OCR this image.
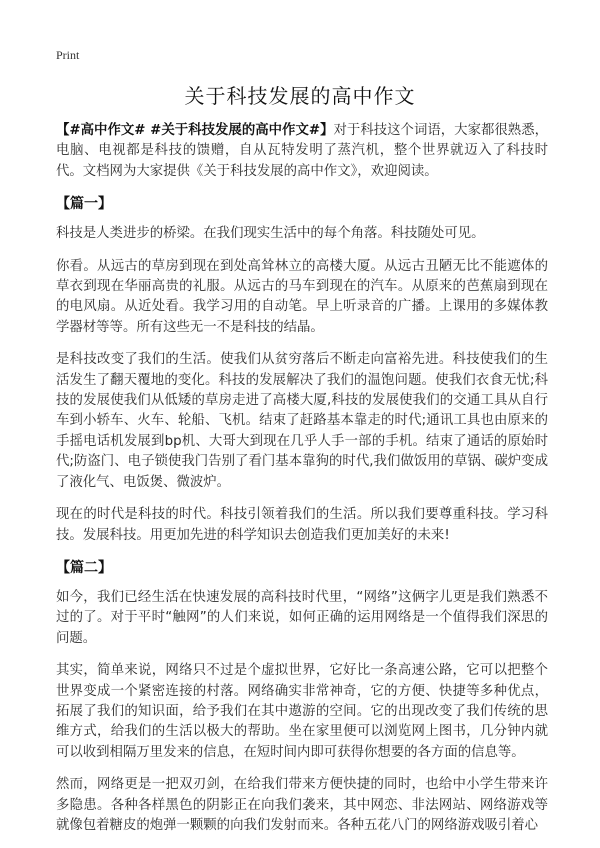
Print
关于科技发展的高中作文

【#高中作文# #关于科技发展的高中作文#】对于科技这个词语，大家都很熟悉，电脑、电视都是科技的馈赠，自从瓦特发明了蒸汽机，整个世界就迈入了科技时代。文档网为大家提供《关于科技发展的高中作文》，欢迎阅读。

【篇一】

科技是人类进步的桥梁。在我们现实生活中的每个角落。科技随处可见。

你看。从远古的草房到现在到处高耸林立的高楼大厦。从远古丑陋无比不能遮体的草衣到现在华丽高贵的礼服。从远古的马车到现在的汽车。从原来的芭蕉扇到现在的电风扇。从近处看。我学习用的自动笔。早上听录音的广播。上课用的多媒体教学器材等等。所有这些无一不是科技的结晶。

是科技改变了我们的生活。使我们从贫穷落后不断走向富裕先进。科技使我们的生活发生了翻天覆地的变化。科技的发展解决了我们的温饱问题。使我们衣食无忧;科技的发展使我们从低矮的草房走进了高楼大厦,科技的发展使我们的交通工具从自行车到小轿车、火车、轮船、飞机。结束了赶路基本靠走的时代;通讯工具也由原来的手摇电话机发展到bp机、大哥大到现在几乎人手一部的手机。结束了通话的原始时代;防盗门、电子锁使我门告别了看门基本靠狗的时代,我们做饭用的草锅、碳炉变成了液化气、电饭煲、微波炉。

现在的时代是科技的时代。科技引领着我们的生活。所以我们要尊重科技。学习科技。发展科技。用更加先进的科学知识去创造我们更加美好的未来!

【篇二】

如今，我们已经生活在快速发展的高科技时代里，“网络”这俩字儿更是我们熟悉不过的了。对于平时“触网”的人们来说，如何正确的运用网络是一个值得我们深思的问题。

其实，简单来说，网络只不过是个虚拟世界，它好比一条高速公路，它可以把整个世界变成一个紧密连接的村落。网络确实非常神奇，它的方便、快捷等多种优点，拓展了我们的知识面，给予我们在其中遨游的空间。它的出现改变了我们传统的思维方式，给我们的生活以极大的帮助。坐在家里便可以浏览网上图书，几分钟内就可以收到相隔万里发来的信息，在短时间内即可获得你想要的各方面的信息等。

然而，网络更是一把双刃剑，在给我们带来方便快捷的同时，也给中小学生带来许多隐患。各种各样黑色的阴影正在向我们袭来，其中网恋、非法网站、网络游戏等就像包着糖皮的炮弹一颗颗的向我们发射而来。各种五花八门的网络游戏吸引着心
